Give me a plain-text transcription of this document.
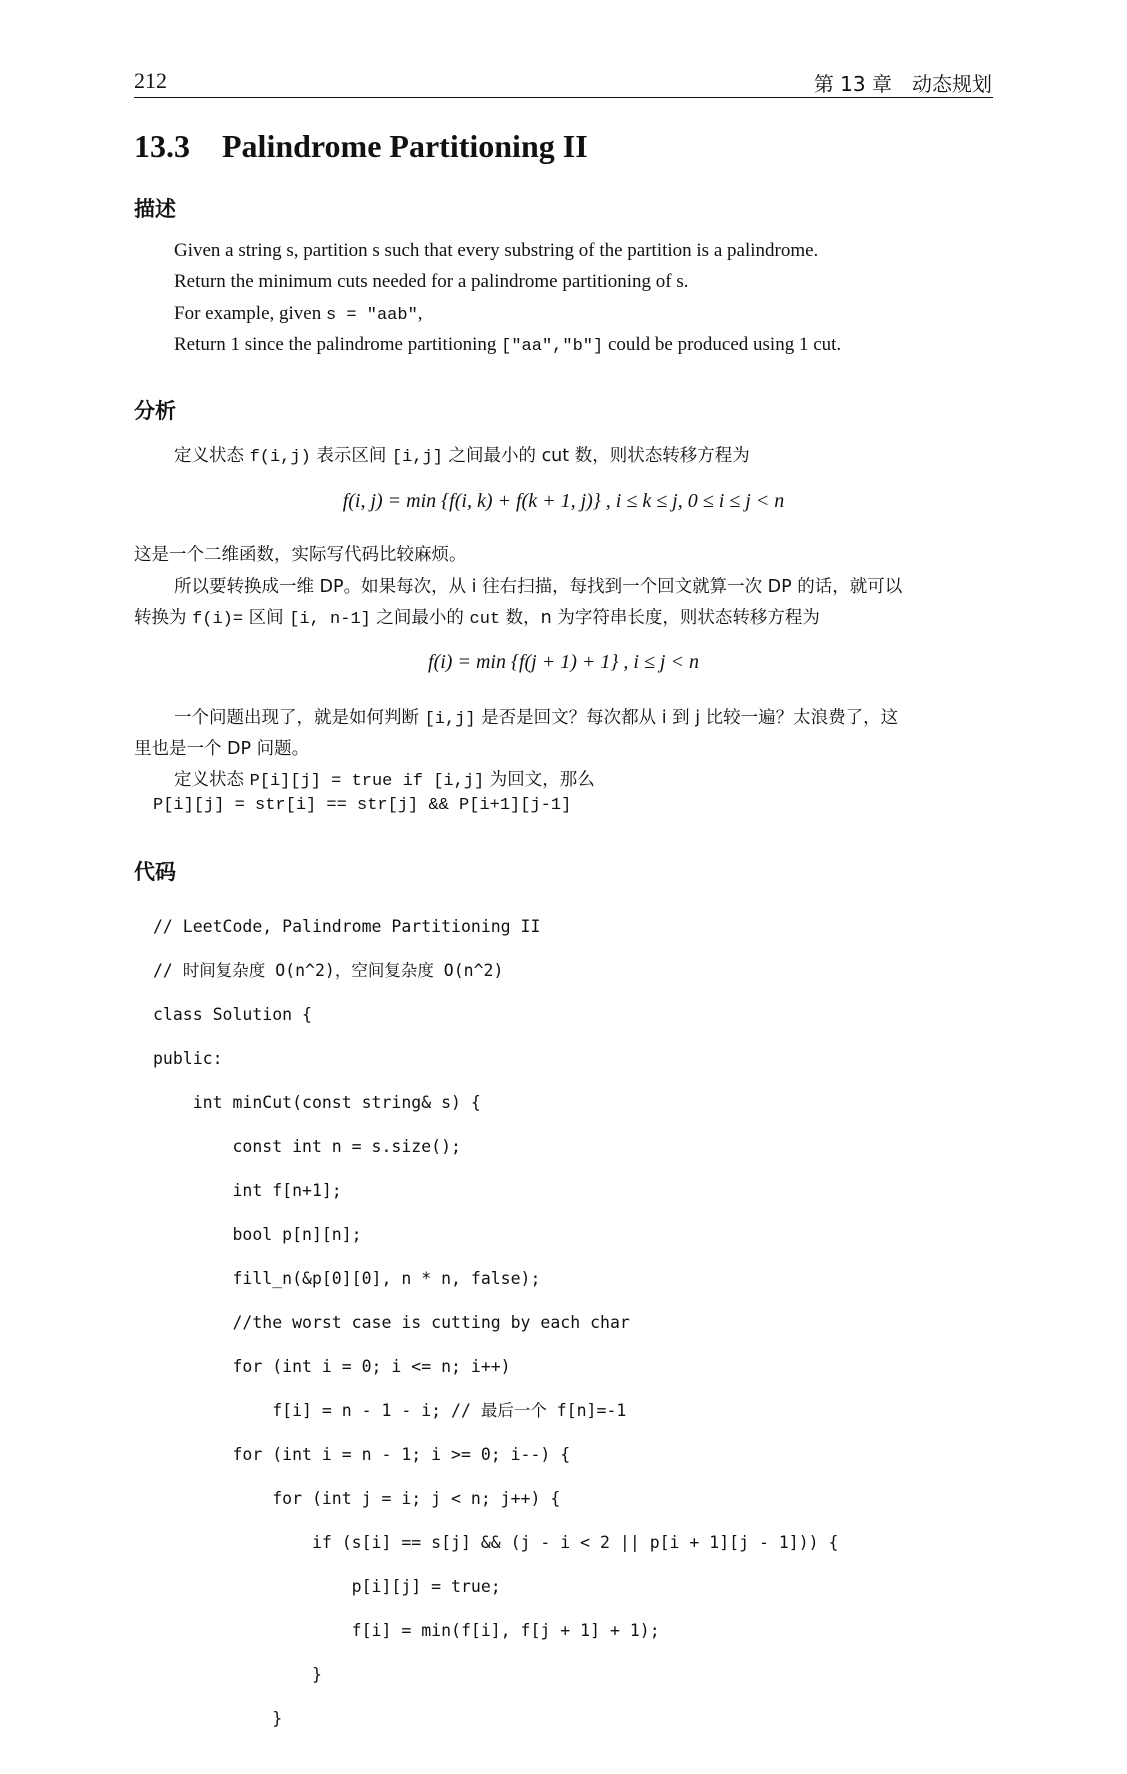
212	第 13 章　动态规划
13.3 Palindrome Partitioning II
描述
Given a string s, partition s such that every substring of the partition is a palindrome.
Return the minimum cuts needed for a palindrome partitioning of s.
For example, given s = "aab",
Return 1 since the palindrome partitioning ["aa","b"] could be produced using 1 cut.
分析
定义状态 f(i,j) 表示区间 [i,j] 之间最小的 cut 数，则状态转移方程为
f(i, j) = min {f(i, k) + f(k + 1, j)} , i ≤ k ≤ j, 0 ≤ i ≤ j < n
这是一个二维函数，实际写代码比较麻烦。
所以要转换成一维 DP。如果每次，从 i 往右扫描，每找到一个回文就算一次 DP 的话，就可以
转换为 f(i)= 区间 [i, n-1] 之间最小的 cut 数，n 为字符串长度，则状态转移方程为
f(i) = min {f(j + 1) + 1} , i ≤ j < n
一个问题出现了，就是如何判断 [i,j] 是否是回文？每次都从 i 到 j 比较一遍？太浪费了，这
里也是一个 DP 问题。
定义状态 P[i][j] = true if [i,j] 为回文，那么
P[i][j] = str[i] == str[j] && P[i+1][j-1]
代码

// LeetCode, Palindrome Partitioning II

// 时间复杂度 O(n^2)，空间复杂度 O(n^2)

class Solution {

public:

int minCut(const string& s) {

const int n = s.size();

int f[n+1];

bool p[n][n];

fill_n(&p[0][0], n * n, false);

//the worst case is cutting by each char

for (int i = 0; i <= n; i++)

f[i] = n - 1 - i; // 最后一个 f[n]=-1

for (int i = n - 1; i >= 0; i--) {

for (int j = i; j < n; j++) {

if (s[i] == s[j] && (j - i < 2 || p[i + 1][j - 1])) {

p[i][j] = true;

f[i] = min(f[i], f[j + 1] + 1);

}

}
